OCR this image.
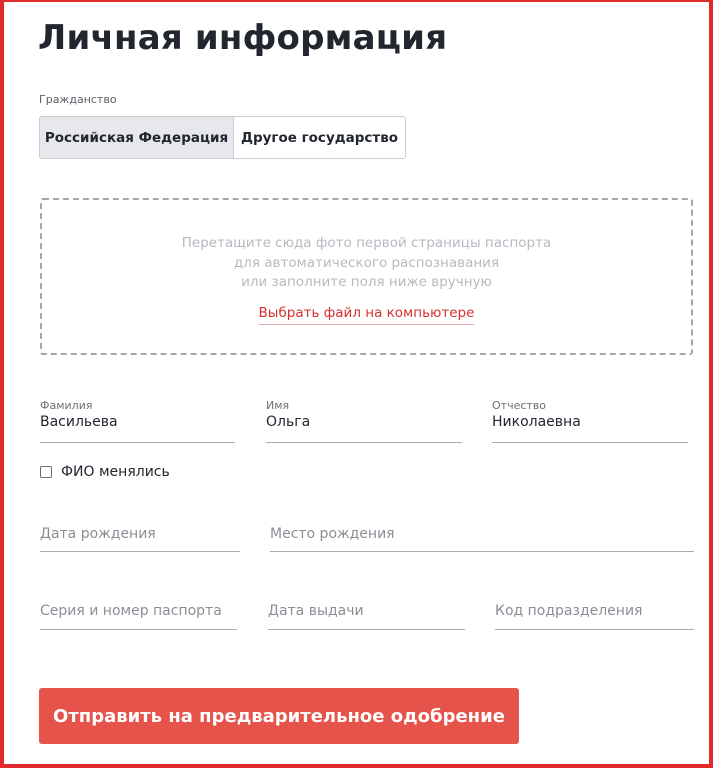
Личная информация
Гражданство
Российская Федерация Другое государство
Перетащите сюда фото первой страницы паспорта
для автоматического распознавания
или заполните поля ниже вручную
Выбрать файл на компьютере
Фамилия
Васильева
Имя
Ольга
Отчество
Николаевна
ФИО менялись
Дата рождения	Место рождения
Серия и номер паспорта	Дата выдачи	Код подразделения
Отправить на предварительное одобрение
